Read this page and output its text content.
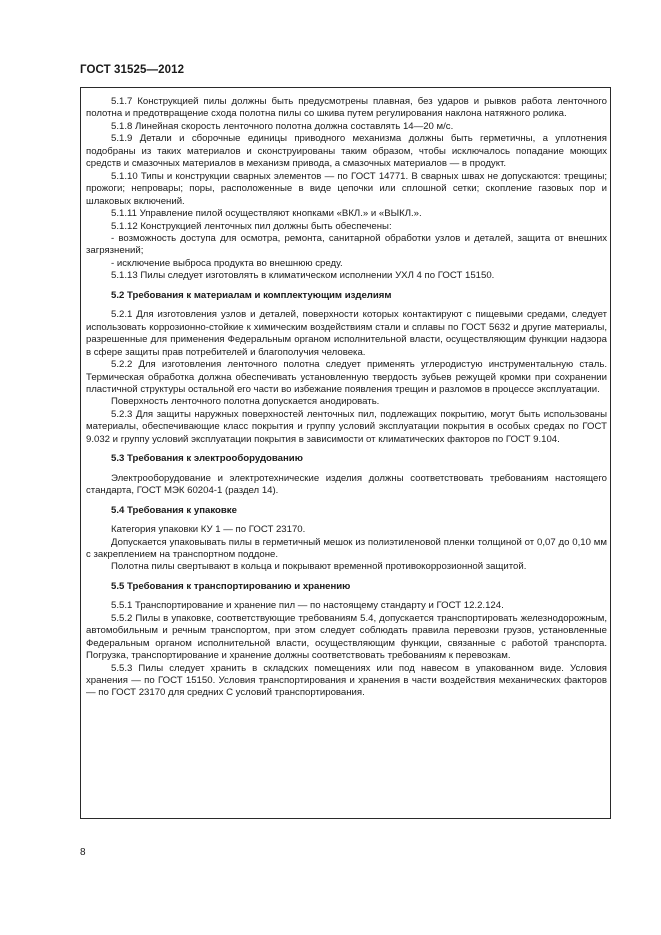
ГОСТ 31525—2012

5.1.7 Конструкцией пилы должны быть предусмотрены плавная, без ударов и рывков работа ленточного полотна и предотвращение схода полотна пилы со шкива путем регулирования наклона натяжного ролика.

5.1.8 Линейная скорость ленточного полотна должна составлять 14—20 м/с.

5.1.9 Детали и сборочные единицы приводного механизма должны быть герметичны, а уплотнения подобраны из таких материалов и сконструированы таким образом, чтобы исключалось попадание моющих средств и смазочных материалов в механизм привода, а смазочных материалов — в продукт.

5.1.10 Типы и конструкции сварных элементов — по ГОСТ 14771. В сварных швах не допускаются: трещины; прожоги; непровары; поры, расположенные в виде цепочки или сплошной сетки; скопление газовых пор и шлаковых включений.

5.1.11 Управление пилой осуществляют кнопками «ВКЛ.» и «ВЫКЛ.».

5.1.12 Конструкцией ленточных пил должны быть обеспечены:

- возможность доступа для осмотра, ремонта, санитарной обработки узлов и деталей, защита от внешних загрязнений;

- исключение выброса продукта во внешнюю среду.

5.1.13 Пилы следует изготовлять в климатическом исполнении УХЛ 4 по ГОСТ 15150.

5.2 Требования к материалам и комплектующим изделиям

5.2.1 Для изготовления узлов и деталей, поверхности которых контактируют с пищевыми средами, следует использовать коррозионно-стойкие к химическим воздействиям стали и сплавы по ГОСТ 5632 и другие материалы, разрешенные для применения Федеральным органом исполнительной власти, осуществляющим функции надзора в сфере защиты прав потребителей и благополучия человека.

5.2.2 Для изготовления ленточного полотна следует применять углеродистую инструментальную сталь. Термическая обработка должна обеспечивать установленную твердость зубьев режущей кромки при сохранении пластичной структуры остальной его части во избежание появления трещин и разломов в процессе эксплуатации.

Поверхность ленточного полотна допускается анодировать.

5.2.3 Для защиты наружных поверхностей ленточных пил, подлежащих покрытию, могут быть использованы материалы, обеспечивающие класс покрытия и группу условий эксплуатации покрытия в особых средах по ГОСТ 9.032 и группу условий эксплуатации покрытия в зависимости от климатических факторов по ГОСТ 9.104.

5.3 Требования к электрооборудованию

Электрооборудование и электротехнические изделия должны соответствовать требованиям настоящего стандарта, ГОСТ МЭК 60204-1 (раздел 14).

5.4 Требования к упаковке

Категория упаковки КУ 1 — по ГОСТ 23170.

Допускается упаковывать пилы в герметичный мешок из полиэтиленовой пленки толщиной от 0,07 до 0,10 мм с закреплением на транспортном поддоне.

Полотна пилы свертывают в кольца и покрывают временной противокоррозионной защитой.

5.5 Требования к транспортированию и хранению

5.5.1 Транспортирование и хранение пил — по настоящему стандарту и ГОСТ 12.2.124.

5.5.2 Пилы в упаковке, соответствующие требованиям 5.4, допускается транспортировать железнодорожным, автомобильным и речным транспортом, при этом следует соблюдать правила перевозки грузов, установленные Федеральным органом исполнительной власти, осуществляющим функции, связанные с работой транспорта. Погрузка, транспортирование и хранение должны соответствовать требованиям к перевозкам.

5.5.3 Пилы следует хранить в складских помещениях или под навесом в упакованном виде. Условия хранения — по ГОСТ 15150. Условия транспортирования и хранения в части воздействия механических факторов — по ГОСТ 23170 для средних С условий транспортирования.

8
